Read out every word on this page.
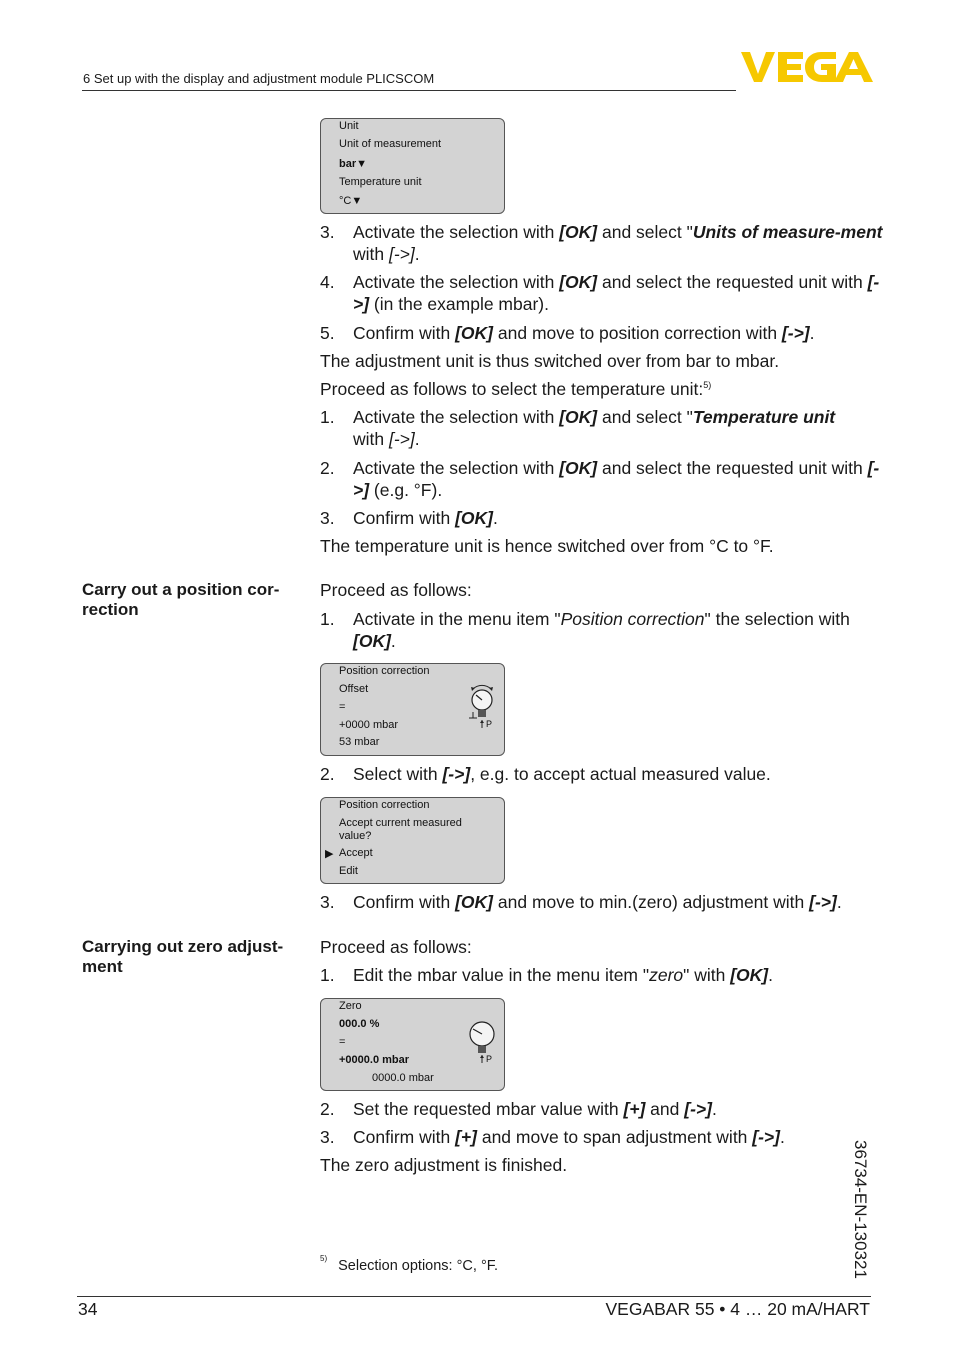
6 Set up with the display and adjustment module PLICSCOM
Unit
Unit of measurement
bar▼
Temperature unit
°C▼
3. Activate the selection with [OK] and select "Units of measure-ment with [->].
4. Activate the selection with [OK] and select the requested unit with [->] (in the example mbar).
5. Confirm with [OK] and move to position correction with [->].
The adjustment unit is thus switched over from bar to mbar.
Proceed as follows to select the temperature unit:$^{5)}$
1. Activate the selection with [OK] and select "Temperature unit
with [->].
2. Activate the selection with [OK] and select the requested unit with [->] (e.g. °F).
3. Confirm with [OK].
The temperature unit is hence switched over from °C to °F.
Carry out a position cor-rection
Proceed as follows:
1. Activate in the menu item "Position correction" the selection with [OK].
Position correction
Offset
=
+0000 mbar
53 mbar
P
2. Select with [->], e.g. to accept actual measured value.
Position correction
Accept current measured
value?
▶ Accept
Edit
3. Confirm with [OK] and move to min.(zero) adjustment with [->].
Carrying out zero adjust-ment
Proceed as follows:
1. Edit the mbar value in the menu item "zero" with [OK].
Zero
000.0 %
=
+0000.0 mbar
0000.0 mbar
P
2. Set the requested mbar value with [+] and [->].
3. Confirm with [+] and move to span adjustment with [->].
The zero adjustment is finished.
$^{5)}$ Selection options: °C, °F.	36734-EN-130321
34	VEGABAR 55 • 4 … 20 mA/HART
